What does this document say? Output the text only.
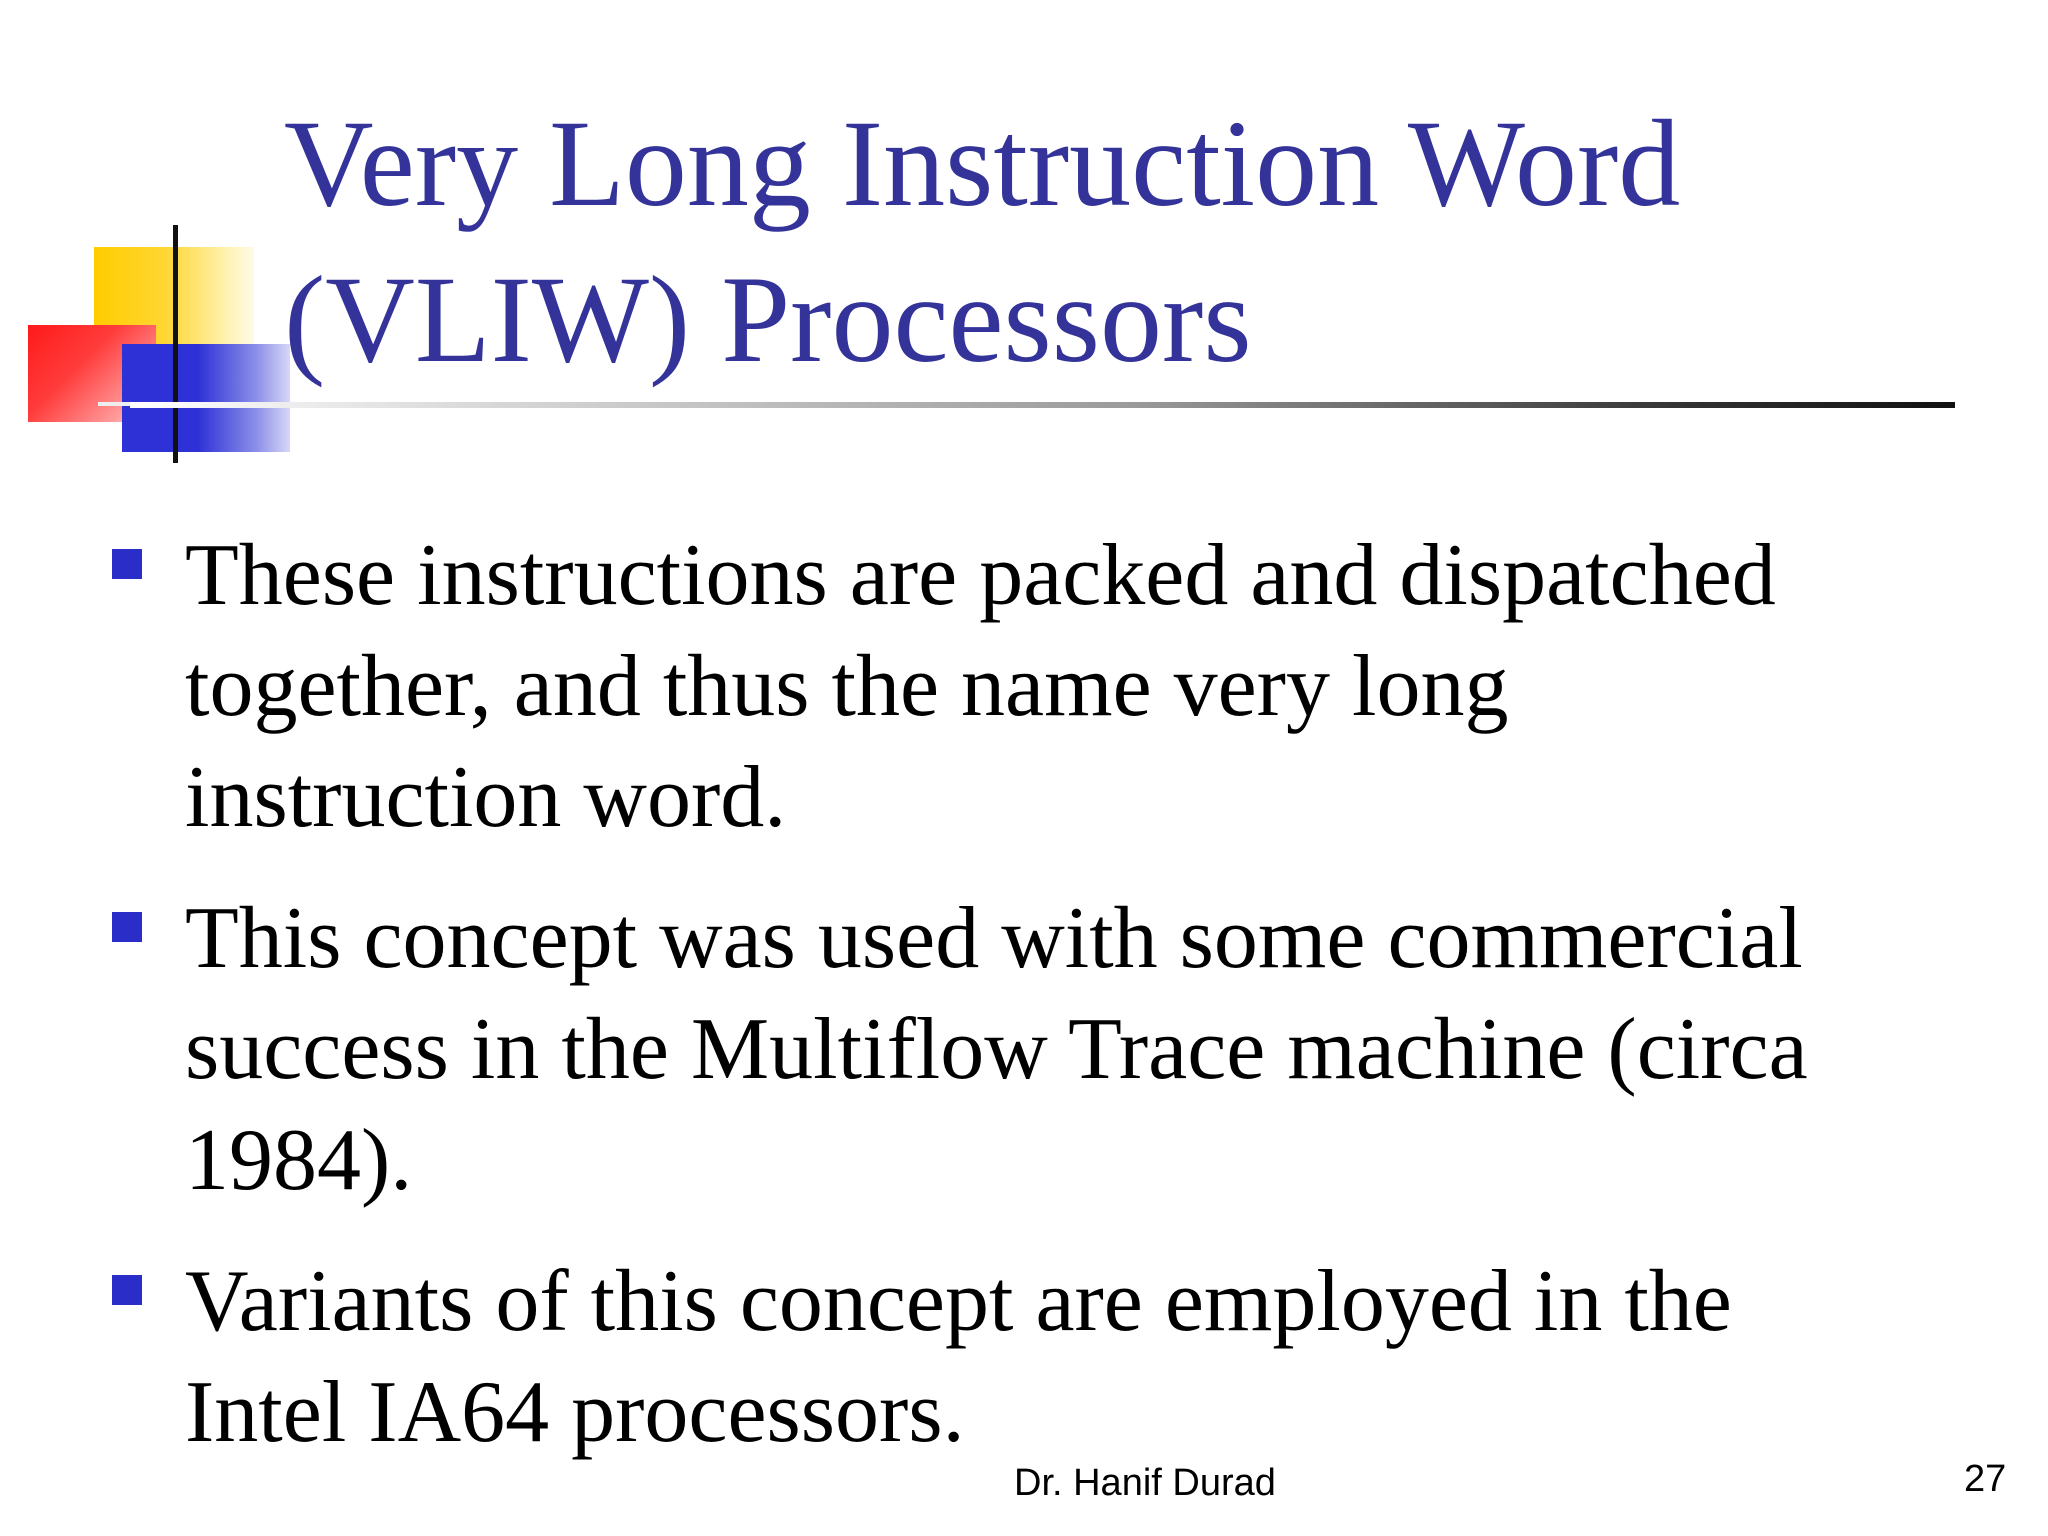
Very Long Instruction Word
(VLIW) Processors
These instructions are packed and dispatched
together, and thus the name very long
instruction word.
This concept was used with some commercial
success in the Multiflow Trace machine (circa
1984).
Variants of this concept are employed in the
Intel IA64 processors.
Dr. Hanif Durad	27
